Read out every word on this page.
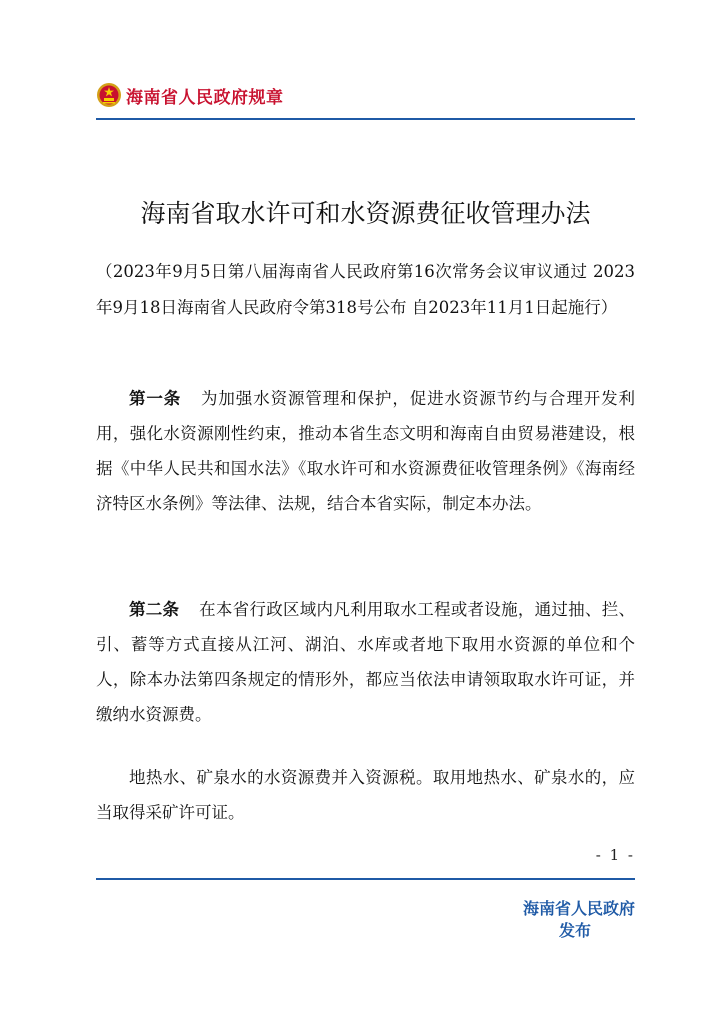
海南省人民政府规章
海南省取水许可和水资源费征收管理办法
（2023年9月5日第八届海南省人民政府第16次常务会议审议通过 2023年9月18日海南省人民政府令第318号公布 自2023年11月1日起施行）
第一条 为加强水资源管理和保护，促进水资源节约与合理开发利用，强化水资源刚性约束，推动本省生态文明和海南自由贸易港建设，根据《中华人民共和国水法》《取水许可和水资源费征收管理条例》《海南经济特区水条例》等法律、法规，结合本省实际，制定本办法。
第二条 在本省行政区域内凡利用取水工程或者设施，通过抽、拦、引、蓄等方式直接从江河、湖泊、水库或者地下取用水资源的单位和个人，除本办法第四条规定的情形外，都应当依法申请领取取水许可证，并缴纳水资源费。
地热水、矿泉水的水资源费并入资源税。取用地热水、矿泉水的，应当取得采矿许可证。
- 1 -
海南省人民政府
发布
